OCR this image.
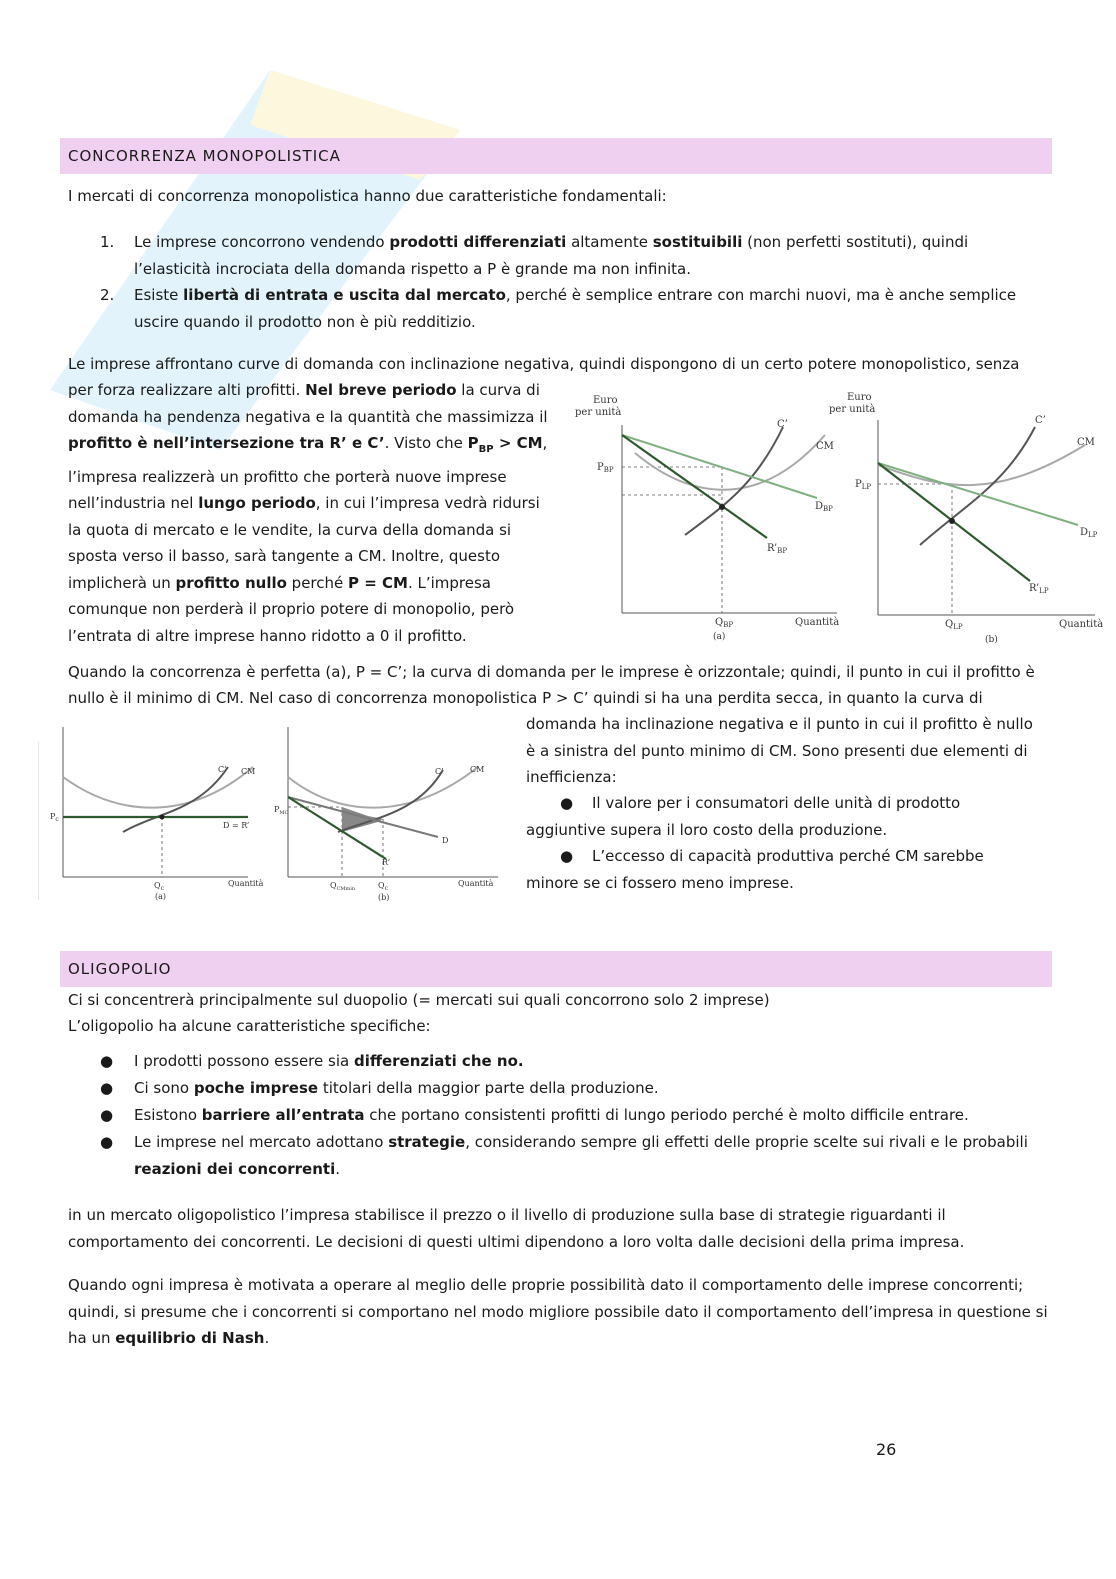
CONCORRENZA MONOPOLISTICA

I mercati di concorrenza monopolistica hanno due caratteristiche fondamentali:

1. Le imprese concorrono vendendo prodotti differenziati altamente sostituibili (non perfetti sostituti), quindi l’elasticità incrociata della domanda rispetto a P è grande ma non infinita.
2. Esiste libertà di entrata e uscita dal mercato, perché è semplice entrare con marchi nuovi, ma è anche semplice uscire quando il prodotto non è più redditizio.

Le imprese affrontano curve di domanda con inclinazione negativa, quindi dispongono di un certo potere monopolistico, senza

per forza realizzare alti profitti. Nel breve periodo la curva di domanda ha pendenza negativa e la quantità che massimizza il profitto è nell’intersezione tra R’ e C’. Visto che $P_{BP}$ > CM, l’impresa realizzerà un profitto che porterà nuove imprese nell’industria nel lungo periodo, in cui l’impresa vedrà ridursi la quota di mercato e le vendite, la curva della domanda si sposta verso il basso, sarà tangente a CM. Inoltre, questo implicherà un profitto nullo perché P = CM. L’impresa comunque non perderà il proprio potere di monopolio, però l’entrata di altre imprese hanno ridotto a 0 il profitto.

Euro
per unità
$P_{BP}$
C’
CM
$D_{BP}$
$R’_{BP}$
$Q_{BP}$	Quantità
(a)
Euro
per unità
$P_{LP}$
C’
CM
$D_{LP}$
$R’_{LP}$
$Q_{LP}$	Quantità
(b)

Quando la concorrenza è perfetta (a), P = C’; la curva di domanda per le imprese è orizzontale; quindi, il punto in cui il profitto è

nullo è il minimo di CM. Nel caso di concorrenza monopolistica P > C’ quindi si ha una perdita secca, in quanto la curva di

domanda ha inclinazione negativa e il punto in cui il profitto è nullo è a sinistra del punto minimo di CM. Sono presenti due elementi di inefficienza:

● Il valore per i consumatori delle unità di prodotto aggiuntive supera il loro costo della produzione.
● L’eccesso di capacità produttiva perché CM sarebbe minore se ci fossero meno imprese.
$P_c$
C’ CM
D = R’
$Q_c$
Quantità
(a)
$P_{MC}$
C’	CM
D
R’
$Q_{CMmin}$	$Q_c$
Quantità
(b)
OLIGOPOLIO

Ci si concentrerà principalmente sul duopolio (= mercati sui quali concorrono solo 2 imprese)

L’oligopolio ha alcune caratteristiche specifiche:

● I prodotti possono essere sia differenziati che no.
● Ci sono poche imprese titolari della maggior parte della produzione.
● Esistono barriere all’entrata che portano consistenti profitti di lungo periodo perché è molto difficile entrare.
● Le imprese nel mercato adottano strategie, considerando sempre gli effetti delle proprie scelte sui rivali e le probabili reazioni dei concorrenti.

in un mercato oligopolistico l’impresa stabilisce il prezzo o il livello di produzione sulla base di strategie riguardanti il comportamento dei concorrenti. Le decisioni di questi ultimi dipendono a loro volta dalle decisioni della prima impresa.

Quando ogni impresa è motivata a operare al meglio delle proprie possibilità dato il comportamento delle imprese concorrenti; quindi, si presume che i concorrenti si comportano nel modo migliore possibile dato il comportamento dell’impresa in questione si ha un equilibrio di Nash.

26
